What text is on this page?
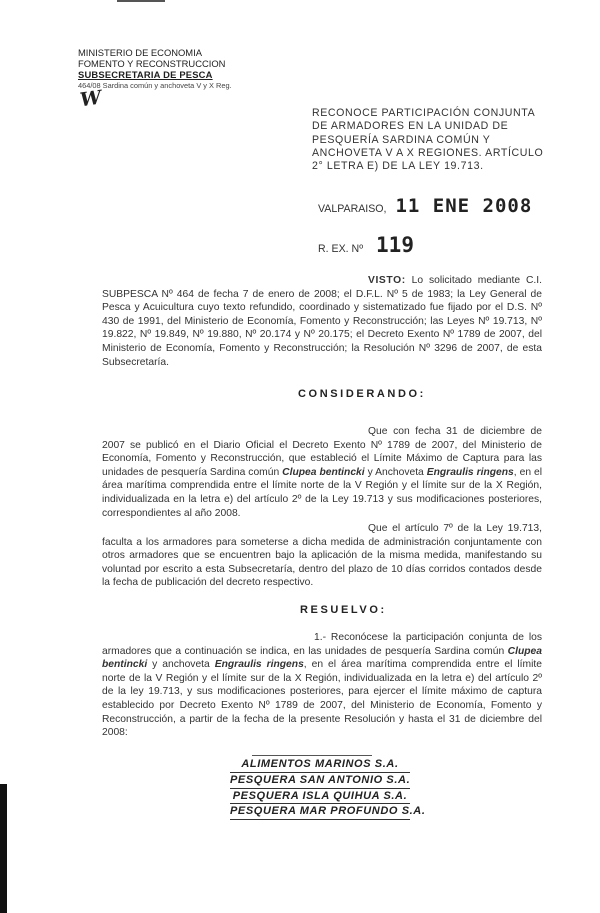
MINISTERIO DE ECONOMIA
FOMENTO Y RECONSTRUCCION
SUBSECRETARIA DE PESCA
464/08 Sardina común y anchoveta V y X Reg.
W
RECONOCE PARTICIPACIÓN CONJUNTA DE ARMADORES EN LA UNIDAD DE PESQUERÍA SARDINA COMÚN Y ANCHOVETA V A X REGIONES. ARTÍCULO 2° LETRA E) DE LA LEY 19.713.
VALPARAISO, 11 ENE 2008
R. EX. Nº 119
VISTO: Lo solicitado mediante C.I. SUBPESCA Nº 464 de fecha 7 de enero de 2008; el D.F.L. Nº 5 de 1983; la Ley General de Pesca y Acuicultura cuyo texto refundido, coordinado y sistematizado fue fijado por el D.S. Nº 430 de 1991, del Ministerio de Economía, Fomento y Reconstrucción; las Leyes Nº 19.713, Nº 19.822, Nº 19.849, Nº 19.880, Nº 20.174 y Nº 20.175; el Decreto Exento Nº 1789 de 2007, del Ministerio de Economía, Fomento y Reconstrucción; la Resolución Nº 3296 de 2007, de esta Subsecretaría.
CONSIDERANDO:
Que con fecha 31 de diciembre de 2007 se publicó en el Diario Oficial el Decreto Exento Nº 1789 de 2007, del Ministerio de Economía, Fomento y Reconstrucción, que estableció el Límite Máximo de Captura para las unidades de pesquería Sardina común Clupea bentincki y Anchoveta Engraulis ringens, en el área marítima comprendida entre el límite norte de la V Región y el límite sur de la X Región, individualizada en la letra e) del artículo 2º de la Ley 19.713 y sus modificaciones posteriores, correspondientes al año 2008.
Que el artículo 7º de la Ley 19.713, faculta a los armadores para someterse a dicha medida de administración conjuntamente con otros armadores que se encuentren bajo la aplicación de la misma medida, manifestando su voluntad por escrito a esta Subsecretaría, dentro del plazo de 10 días corridos contados desde la fecha de publicación del decreto respectivo.
RESUELVO:
1.- Reconócese la participación conjunta de los armadores que a continuación se indica, en las unidades de pesquería Sardina común Clupea bentincki y anchoveta Engraulis ringens, en el área marítima comprendida entre el límite norte de la V Región y el límite sur de la X Región, individualizada en la letra e) del artículo 2º de la ley 19.713, y sus modificaciones posteriores, para ejercer el límite máximo de captura establecido por Decreto Exento Nº 1789 de 2007, del Ministerio de Economía, Fomento y Reconstrucción, a partir de la fecha de la presente Resolución y hasta el 31 de diciembre del 2008:
ALIMENTOS MARINOS S.A.
PESQUERA SAN ANTONIO S.A.
PESQUERA ISLA QUIHUA S.A.
PESQUERA MAR PROFUNDO S.A.
